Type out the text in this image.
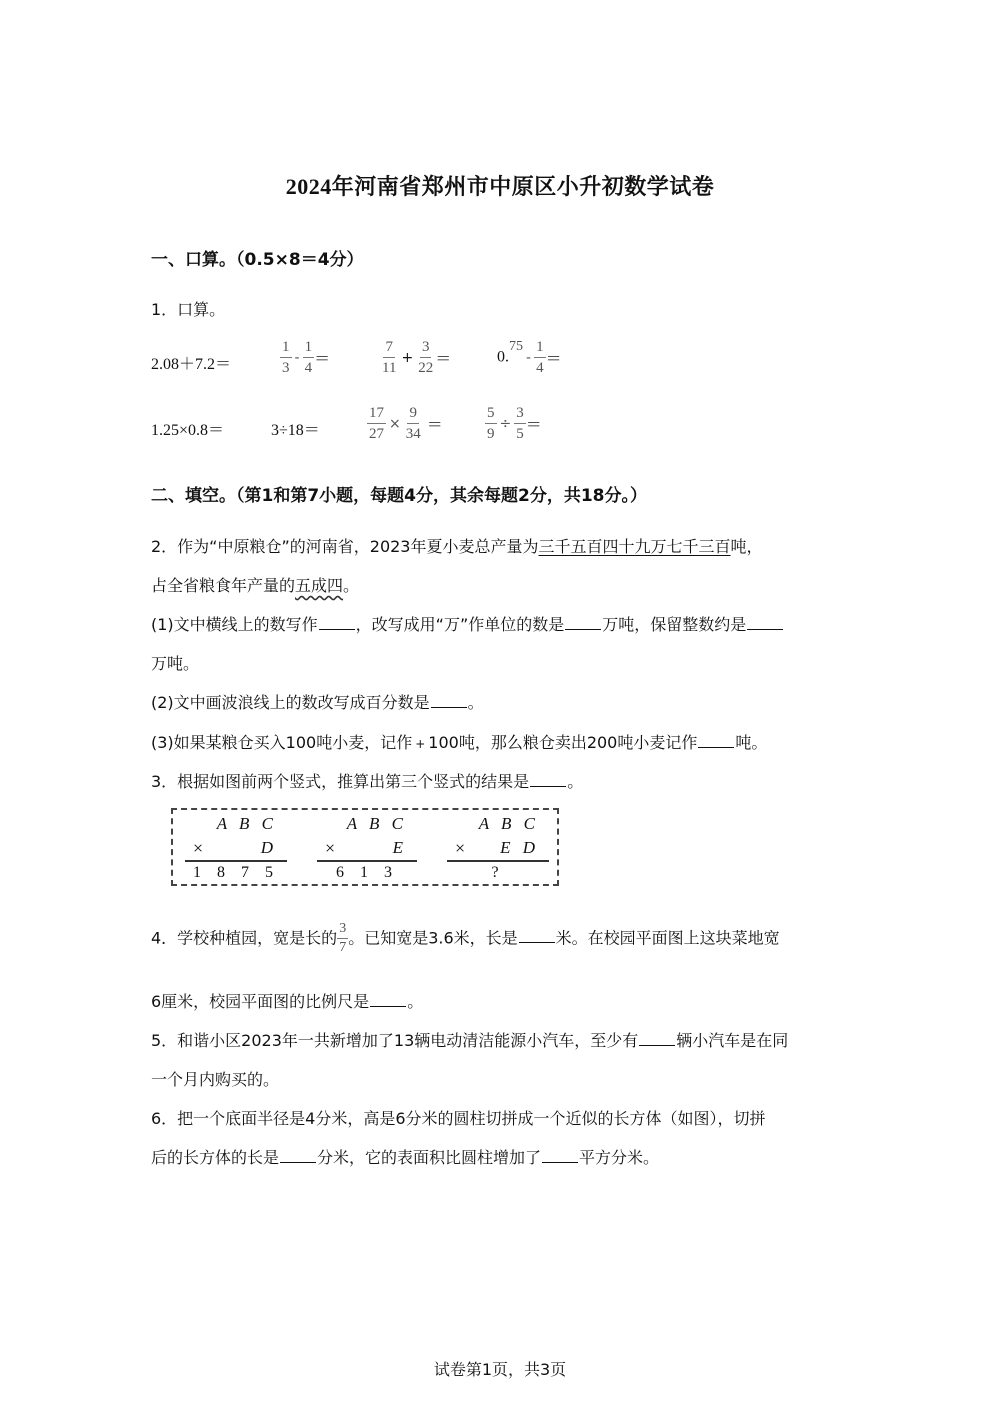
2024年河南省郑州市中原区小升初数学试卷
一、口算。（0.5×8＝4分）
1．口算。
2.08＋7.2＝	$\frac{1}{3} - \frac{1}{4}$ ＝	$\frac{7}{11} + \frac{3}{22}$ ＝	$0.75- \frac{1}{4}$ ＝
1.25×0.8＝	3÷18＝	$\frac{17}{27} \times \frac{9}{34}$ ＝	$\frac{5}{9} \div \frac{3}{5}$ ＝
二、填空。（第1和第7小题，每题4分，其余每题2分，共18分。）
2．作为“中原粮仓”的河南省，2023年夏小麦总产量为三千五百四十九万七千三百吨，
占全省粮食年产量的五成四。
(1)文中横线上的数写作 ，改写成用“万”作单位的数是 万吨，保留整数约是
万吨。
(2)文中画波浪线上的数改写成百分数是 。
(3)如果某粮仓买入100吨小麦，记作 + 100吨，那么粮仓卖出200吨小麦记作 吨。
3．根据如图前两个竖式，推算出第三个竖式的结果是 。
A B C
×	D
1 8 7 5
A B C
×	E
6 1 3
A B C
× E D
?
4．学校种植园，宽是长的 $\frac{3}{7}$ 。已知宽是3.6米，长是 米。在校园平面图上这块菜地宽
6厘米，校园平面图的比例尺是 。
5．和谐小区2023年一共新增加了13辆电动清洁能源小汽车，至少有 辆小汽车是在同
一个月内购买的。
6．把一个底面半径是4分米，高是6分米的圆柱切拼成一个近似的长方体（如图），切拼
后的长方体的长是 分米，它的表面积比圆柱增加了 平方分米。
试卷第1页，共3页
